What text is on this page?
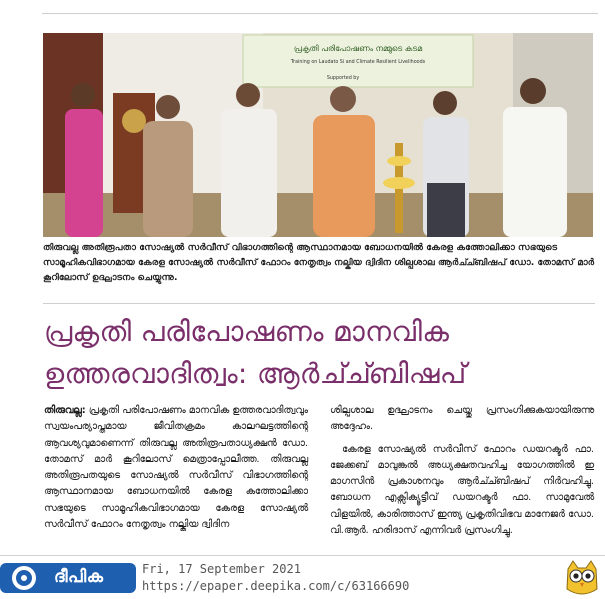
പ്രകൃതി പരിപോഷണം നമ്മുടെ കടമ
Training on Laudato Si and Climate Resilient Livelihoods
Supported by
തിരുവല്ല അതിരൂപതാ സോഷ്യൽ സർവീസ് വിഭാഗത്തിന്റെ ആസ്ഥാനമായ ബോധനയിൽ കേരള കത്തോലിക്കാ സഭയുടെ സാമൂഹികവിഭാഗമായ കേരള സോഷ്യൽ സർവീസ് ഫോറം നേതൃത്വം നല്കിയ ദ്വിദിന ശില്പശാല ആർച്ച്ബിഷപ് ഡോ. തോമസ് മാർ കൂറിലോസ് ഉദ്ഘാടനം ചെയ്യുന്നു.
പ്രകൃതി പരിപോഷണം മാനവിക
ഉത്തരവാദിത്വം: ആർച്ച്ബിഷപ്
തിരുവല്ല: പ്രകൃതി പരിപോഷണം മാനവിക ഉത്തരവാദിത്വവും സ്വയംപര്യാപ്തമായ ജീവിതക്രമം കാലഘട്ടത്തിന്റെ ആവശ്യവുമാണെന്ന് തിരുവല്ല അതിരൂപതാധ്യക്ഷൻ ഡോ. തോമസ് മാർ കൂറിലോസ് മെത്രാപ്പോലീത്ത. തിരുവല്ല അതിരൂപതയുടെ സോഷ്യൽ സർവീസ് വിഭാഗത്തിന്റെ ആസ്ഥാനമായ ബോധനയിൽ കേരള കത്തോലിക്കാ സഭയുടെ സാമൂഹികവിഭാഗമായ കേരള സോഷ്യൽ സർവീസ് ഫോറം നേതൃത്വം നല്കിയ ദ്വിദിന
ശില്പശാല ഉദ്ഘാടനം ചെയ്തു പ്രസംഗിക്കുകയായിരുന്നു അദ്ദേഹം.
കേരള സോഷ്യൽ സർവീസ് ഫോറം ഡയറക്ടർ ഫാ. ജേക്കബ് മാവുങ്കൽ അധ്യക്ഷതവഹിച്ച യോഗത്തിൽ ഇ മാഗസിൻ പ്രകാശനവും ആർച്ച്ബിഷപ് നിർവഹിച്ചു. ബോധന എക്സിക്യൂട്ടീവ് ഡയറക്ടർ ഫാ. സാമുവേൽ വിളയിൽ, കാരിത്താസ് ഇന്ത്യ പ്രകൃതിവിഭവ മാനേജർ ഡോ. വി.ആർ. ഹരിദാസ് എന്നിവർ പ്രസംഗിച്ചു.
ദീപിക	Fri, 17 September 2021
https://epaper.deepika.com/c/63166690
